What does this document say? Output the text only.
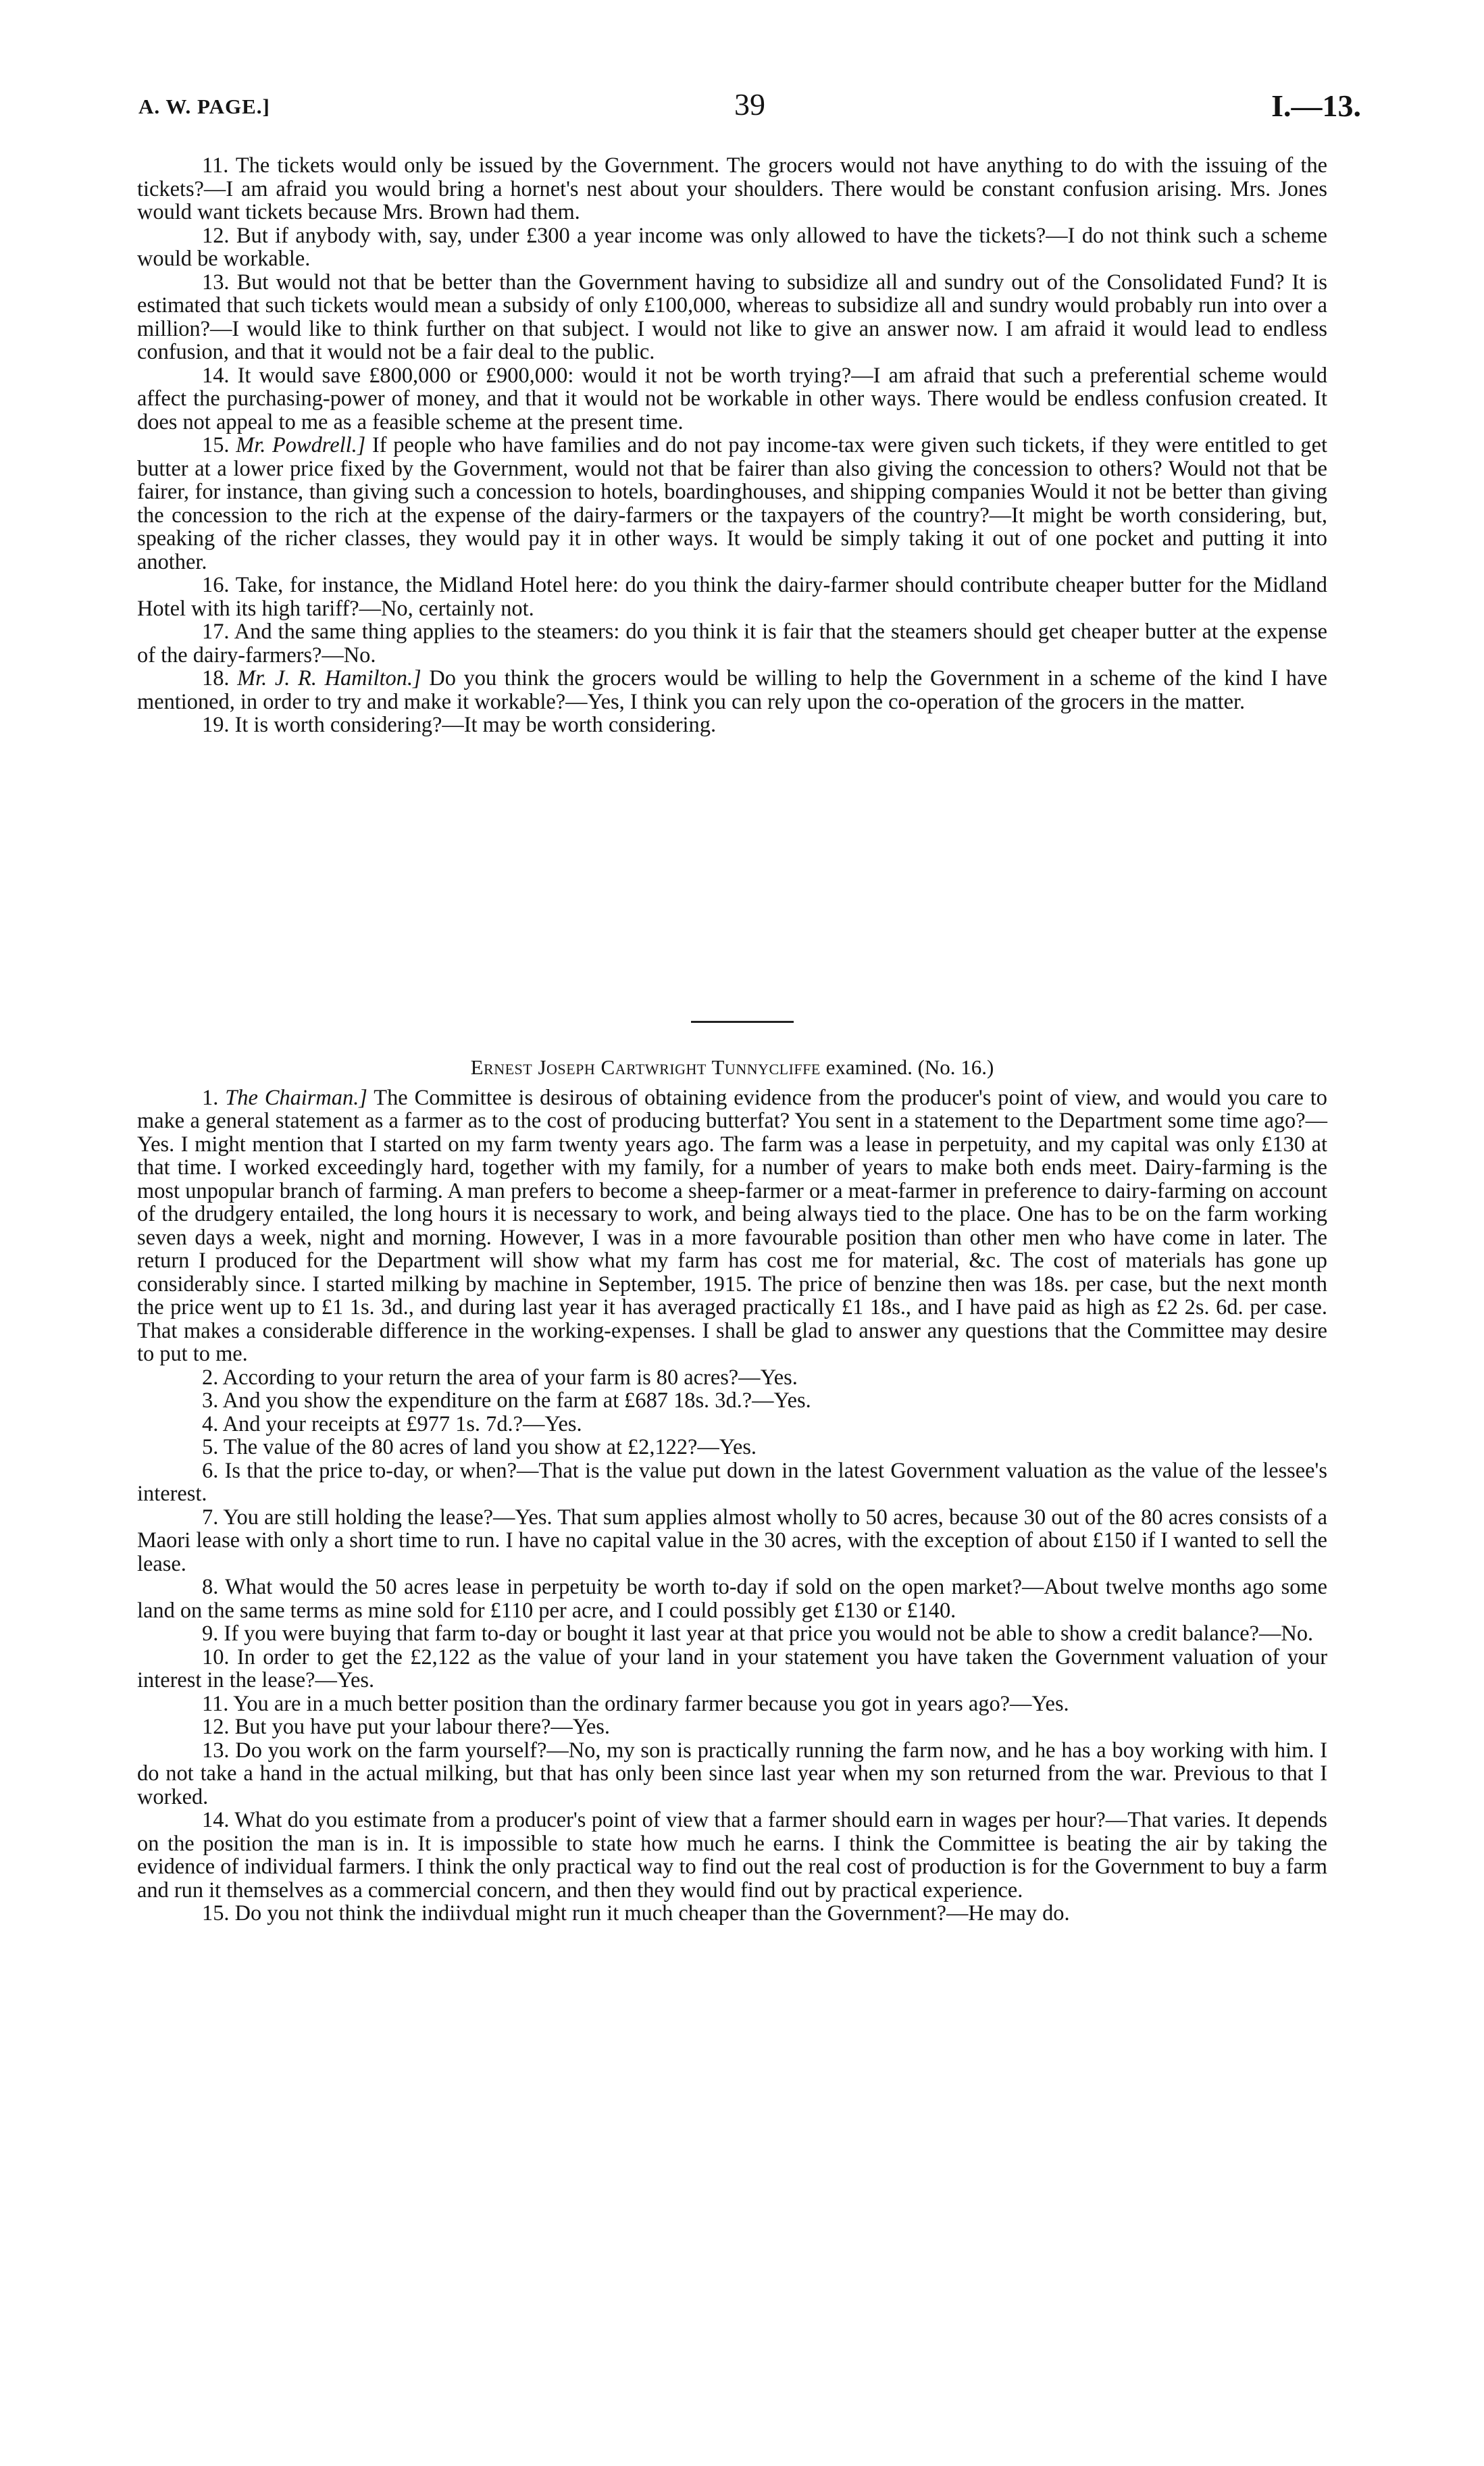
A. W. PAGE.]	39	I.—13.

11. The tickets would only be issued by the Government. The grocers would not have anything to do with the issuing of the tickets?—I am afraid you would bring a hornet's nest about your shoulders. There would be constant confusion arising. Mrs. Jones would want tickets because Mrs. Brown had them.

12. But if anybody with, say, under £300 a year income was only allowed to have the tickets?—I do not think such a scheme would be workable.

13. But would not that be better than the Government having to subsidize all and sundry out of the Consolidated Fund? It is estimated that such tickets would mean a subsidy of only £100,000, whereas to subsidize all and sundry would probably run into over a million?—I would like to think further on that subject. I would not like to give an answer now. I am afraid it would lead to endless confusion, and that it would not be a fair deal to the public.

14. It would save £800,000 or £900,000: would it not be worth trying?—I am afraid that such a preferential scheme would affect the purchasing-power of money, and that it would not be workable in other ways. There would be endless confusion created. It does not appeal to me as a feasible scheme at the present time.

15. Mr. Powdrell.] If people who have families and do not pay income-tax were given such tickets, if they were entitled to get butter at a lower price fixed by the Government, would not that be fairer than also giving the concession to others? Would not that be fairer, for instance, than giving such a concession to hotels, boardinghouses, and shipping companies Would it not be better than giving the concession to the rich at the expense of the dairy-farmers or the taxpayers of the country?—It might be worth considering, but, speaking of the richer classes, they would pay it in other ways. It would be simply taking it out of one pocket and putting it into another.

16. Take, for instance, the Midland Hotel here: do you think the dairy-farmer should contribute cheaper butter for the Midland Hotel with its high tariff?—No, certainly not.

17. And the same thing applies to the steamers: do you think it is fair that the steamers should get cheaper butter at the expense of the dairy-farmers?—No.

18. Mr. J. R. Hamilton.] Do you think the grocers would be willing to help the Government in a scheme of the kind I have mentioned, in order to try and make it workable?—Yes, I think you can rely upon the co-operation of the grocers in the matter.

19. It is worth considering?—It may be worth considering.

Ernest Joseph Cartwright Tunnycliffe examined. (No. 16.)

1. The Chairman.] The Committee is desirous of obtaining evidence from the producer's point of view, and would you care to make a general statement as a farmer as to the cost of producing butterfat? You sent in a statement to the Department some time ago?—Yes. I might mention that I started on my farm twenty years ago. The farm was a lease in perpetuity, and my capital was only £130 at that time. I worked exceedingly hard, together with my family, for a number of years to make both ends meet. Dairy-farming is the most unpopular branch of farming. A man prefers to become a sheep-farmer or a meat-farmer in preference to dairy-farming on account of the drudgery entailed, the long hours it is necessary to work, and being always tied to the place. One has to be on the farm working seven days a week, night and morning. However, I was in a more favourable position than other men who have come in later. The return I produced for the Department will show what my farm has cost me for material, &c. The cost of materials has gone up considerably since. I started milking by machine in September, 1915. The price of benzine then was 18s. per case, but the next month the price went up to £1 1s. 3d., and during last year it has averaged practically £1 18s., and I have paid as high as £2 2s. 6d. per case. That makes a considerable difference in the working-expenses. I shall be glad to answer any questions that the Committee may desire to put to me.

2. According to your return the area of your farm is 80 acres?—Yes.

3. And you show the expenditure on the farm at £687 18s. 3d.?—Yes.

4. And your receipts at £977 1s. 7d.?—Yes.

5. The value of the 80 acres of land you show at £2,122?—Yes.

6. Is that the price to-day, or when?—That is the value put down in the latest Government valuation as the value of the lessee's interest.

7. You are still holding the lease?—Yes. That sum applies almost wholly to 50 acres, because 30 out of the 80 acres consists of a Maori lease with only a short time to run. I have no capital value in the 30 acres, with the exception of about £150 if I wanted to sell the lease.

8. What would the 50 acres lease in perpetuity be worth to-day if sold on the open market?—About twelve months ago some land on the same terms as mine sold for £110 per acre, and I could possibly get £130 or £140.

9. If you were buying that farm to-day or bought it last year at that price you would not be able to show a credit balance?—No.

10. In order to get the £2,122 as the value of your land in your statement you have taken the Government valuation of your interest in the lease?—Yes.

11. You are in a much better position than the ordinary farmer because you got in years ago?—Yes.

12. But you have put your labour there?—Yes.

13. Do you work on the farm yourself?—No, my son is practically running the farm now, and he has a boy working with him. I do not take a hand in the actual milking, but that has only been since last year when my son returned from the war. Previous to that I worked.

14. What do you estimate from a producer's point of view that a farmer should earn in wages per hour?—That varies. It depends on the position the man is in. It is impossible to state how much he earns. I think the Committee is beating the air by taking the evidence of individual farmers. I think the only practical way to find out the real cost of production is for the Government to buy a farm and run it themselves as a commercial concern, and then they would find out by practical experience.

15. Do you not think the indiivdual might run it much cheaper than the Government?—He may do.
